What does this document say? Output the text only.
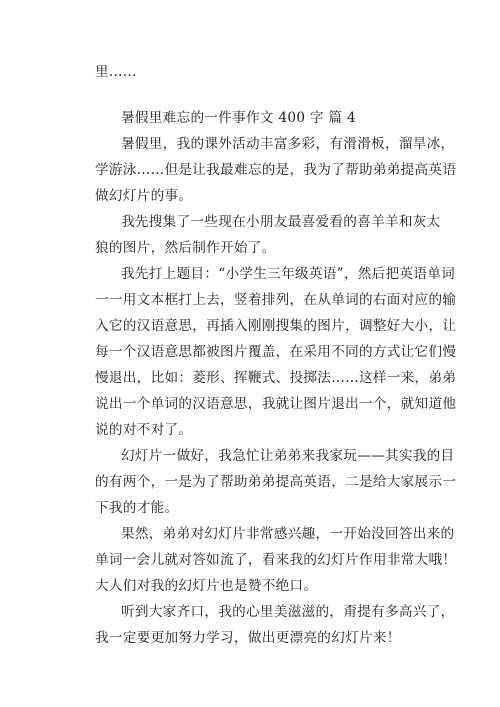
里......
暑假里难忘的一件事作文 400 字 篇 4
暑假里，我的课外活动丰富多彩，有滑滑板，溜旱冰，
学游泳……但是让我最难忘的是，我为了帮助弟弟提高英语
做幻灯片的事。
我先搜集了一些现在小朋友最喜爱看的喜羊羊和灰太
狼的图片，然后制作开始了。
我先打上题目：“小学生三年级英语”，然后把英语单词
一一用文本框打上去，竖着排列，在从单词的右面对应的输
入它的汉语意思，再插入刚刚搜集的图片，调整好大小，让
每一个汉语意思都被图片覆盖，在采用不同的方式让它们慢
慢退出，比如：菱形、挥鞭式、投掷法……这样一来，弟弟
说出一个单词的汉语意思，我就让图片退出一个，就知道他
说的对不对了。
幻灯片一做好，我急忙让弟弟来我家玩——其实我的目
的有两个，一是为了帮助弟弟提高英语，二是给大家展示一
下我的才能。
果然，弟弟对幻灯片非常感兴趣，一开始没回答出来的
单词一会儿就对答如流了，看来我的幻灯片作用非常大哦！
大人们对我的幻灯片也是赞不绝口。
听到大家齐口，我的心里美滋滋的，甭提有多高兴了，
我一定要更加努力学习，做出更漂亮的幻灯片来！
